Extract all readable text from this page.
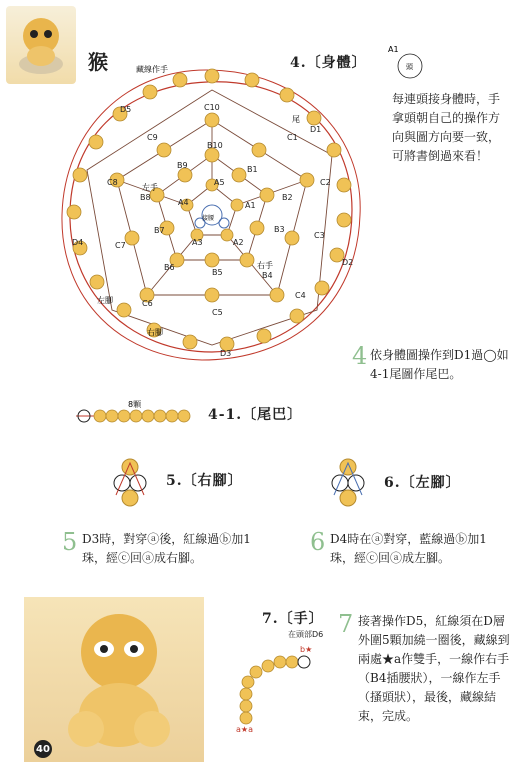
猴
C10
C1
C2
C3
C4
C5
C6
C7
C8
C9
B10
B1
B2
B3
B4
B5
B6
B7
B8
B9
A5
A1
A2
A3
A4
D5
D1
D2
D3
D4
藏線作手
尾
左手
右手
接腰
左腳
右腳
4.〔身體〕
A1
頭
每連頭接身體時，手拿頭朝自己的操作方向與圖方向要一致，可將書倒過來看！
4 依身體圖操作到D1過◯如4-1尾圖作尾巴。
8顆
4-1.〔尾巴〕
5.〔右腳〕	6.〔左腳〕
5 D3時，對穿ⓐ後，紅線過ⓑ加1珠，經ⓒ回ⓐ成右腳。
6 D4時在ⓐ對穿，藍線過ⓑ加1珠，經ⓒ回ⓐ成左腳。
40
7.〔手〕
在頭部D6
b★
a★a
7 接著操作D5，紅線須在D層外圍5顆加繞一圈後，藏線到兩處★a作雙手，一線作右手（B4插腰狀），一線作左手（搔頭狀），最後，藏線結束，完成。
